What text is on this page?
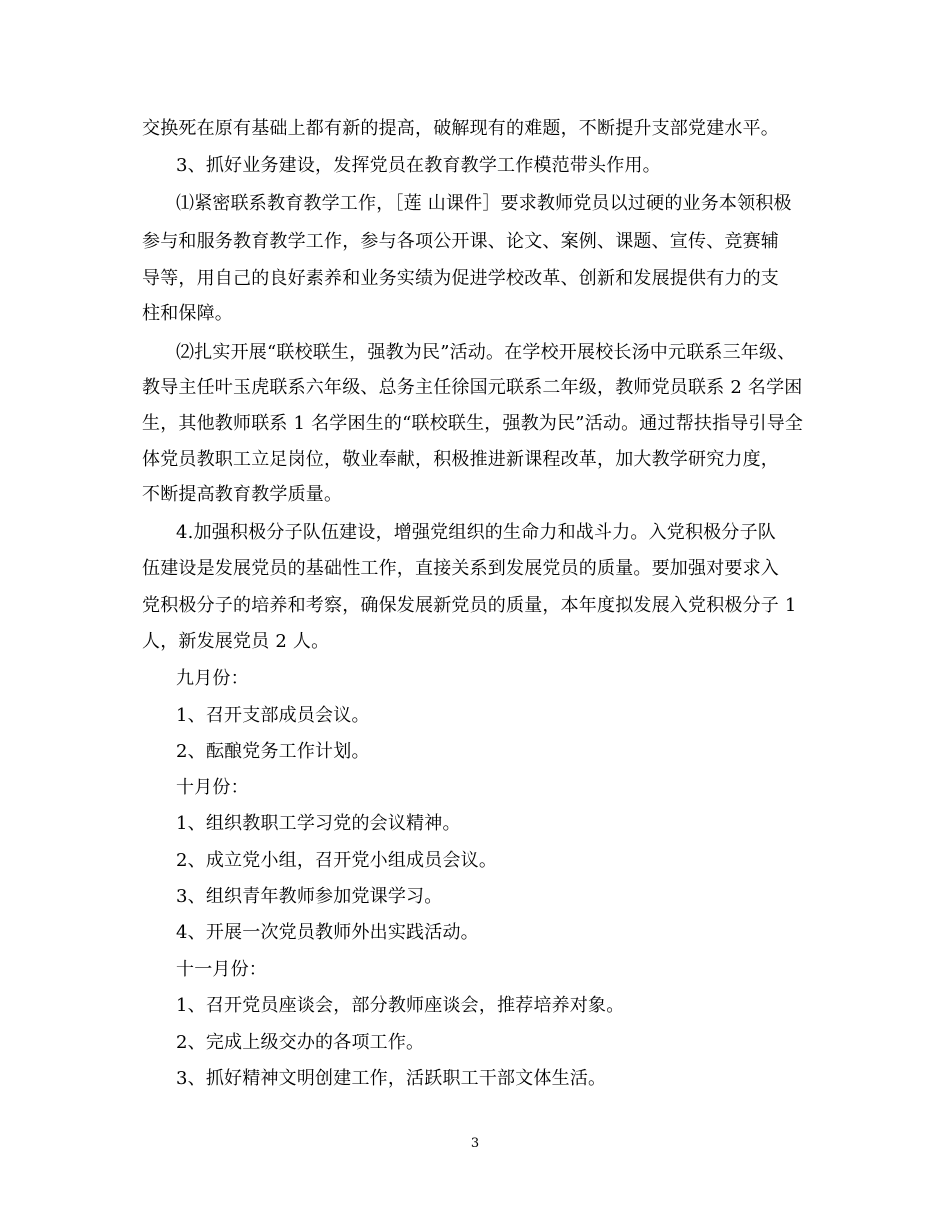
交换死在原有基础上都有新的提高，破解现有的难题，不断提升支部党建水平。
3、抓好业务建设，发挥党员在教育教学工作模范带头作用。
⑴紧密联系教育教学工作，［莲 山课件］要求教师党员以过硬的业务本领积极
参与和服务教育教学工作，参与各项公开课、论文、案例、课题、宣传、竞赛辅
导等，用自己的良好素养和业务实绩为促进学校改革、创新和发展提供有力的支
柱和保障。
⑵扎实开展“联校联生，强教为民”活动。在学校开展校长汤中元联系三年级、
教导主任叶玉虎联系六年级、总务主任徐国元联系二年级，教师党员联系 2 名学困
生，其他教师联系 1 名学困生的“联校联生，强教为民”活动。通过帮扶指导引导全
体党员教职工立足岗位，敬业奉献，积极推进新课程改革，加大教学研究力度，
不断提高教育教学质量。
4.加强积极分子队伍建设，增强党组织的生命力和战斗力。入党积极分子队
伍建设是发展党员的基础性工作，直接关系到发展党员的质量。要加强对要求入
党积极分子的培养和考察，确保发展新党员的质量，本年度拟发展入党积极分子 1
人，新发展党员 2 人。
九月份：
1、召开支部成员会议。
2、酝酿党务工作计划。
十月份：
1、组织教职工学习党的会议精神。
2、成立党小组，召开党小组成员会议。
3、组织青年教师参加党课学习。
4、开展一次党员教师外出实践活动。
十一月份：
1、召开党员座谈会，部分教师座谈会，推荐培养对象。
2、完成上级交办的各项工作。
3、抓好精神文明创建工作，活跃职工干部文体生活。
3
